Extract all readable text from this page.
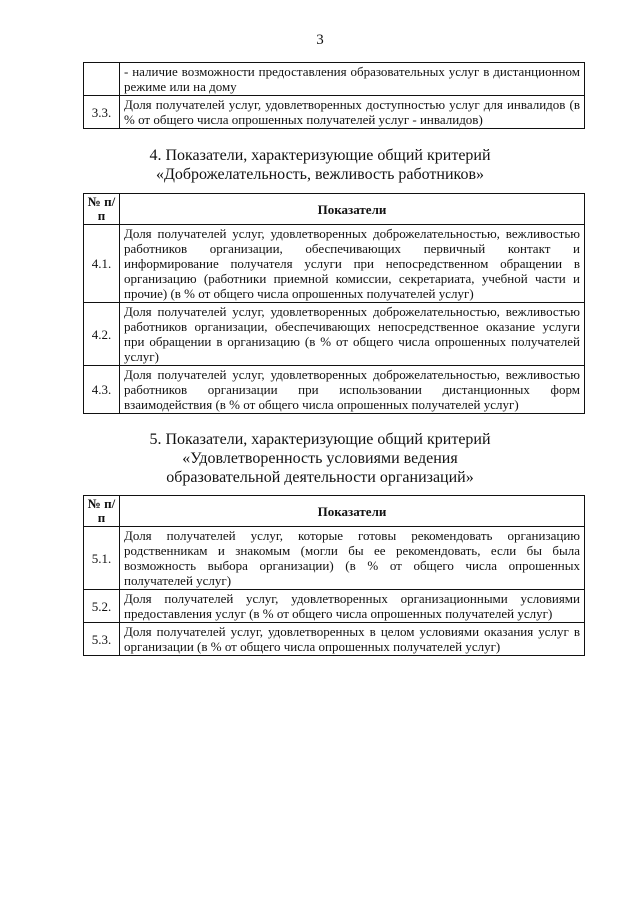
3
	- наличие возможности предоставления образовательных услуг в дистанционном режиме или на дому
3.3.	Доля получателей услуг, удовлетворенных доступностью услуг для инвалидов (в % от общего числа опрошенных получателей услуг - инвалидов)
4. Показатели, характеризующие общий критерий
«Доброжелательность, вежливость работников»
№ п/п	Показатели
4.1.	Доля получателей услуг, удовлетворенных доброжелательностью, вежливостью работников организации, обеспечивающих первичный контакт и информирование получателя услуги при непосредственном обращении в организацию (работники приемной комиссии, секретариата, учебной части и прочие) (в % от общего числа опрошенных получателей услуг)
4.2.	Доля получателей услуг, удовлетворенных доброжелательностью, вежливостью работников организации, обеспечивающих непосредственное оказание услуги при обращении в организацию (в % от общего числа опрошенных получателей услуг)
4.3.	Доля получателей услуг, удовлетворенных доброжелательностью, вежливостью работников организации при использовании дистанционных форм взаимодействия (в % от общего числа опрошенных получателей услуг)
5. Показатели, характеризующие общий критерий
«Удовлетворенность условиями ведения
образовательной деятельности организаций»
№ п/п	Показатели
5.1.	Доля получателей услуг, которые готовы рекомендовать организацию родственникам и знакомым (могли бы ее рекомендовать, если бы была возможность выбора организации) (в % от общего числа опрошенных получателей услуг)
5.2.	Доля получателей услуг, удовлетворенных организационными условиями предоставления услуг (в % от общего числа опрошенных получателей услуг)
5.3.	Доля получателей услуг, удовлетворенных в целом условиями оказания услуг в организации (в % от общего числа опрошенных получателей услуг)
